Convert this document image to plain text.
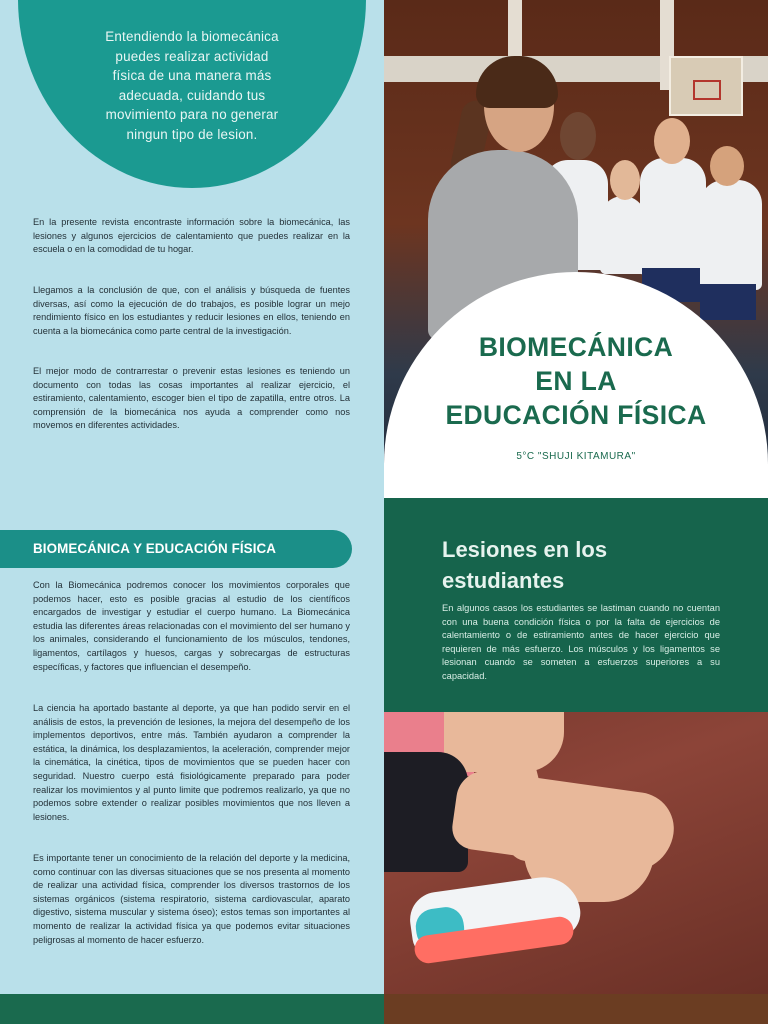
Entendiendo la biomecánica
puedes realizar actividad
física de una manera más
adecuada, cuidando tus
movimiento para no generar
ningun tipo de lesion.

En la presente revista encontraste información sobre la biomecánica, las lesiones y algunos ejercicios de calentamiento que puedes realizar en la escuela o en la comodidad de tu hogar.

Llegamos a la conclusión de que, con el análisis y búsqueda de fuentes diversas, así como la ejecución de do trabajos, es posible lograr un mejo rendimiento físico en los estudiantes y reducir lesiones en ellos, teniendo en cuenta a la biomecánica como parte central de la investigación.

El mejor modo de contrarrestar o prevenir estas lesiones es teniendo un documento con todas las cosas importantes al realizar ejercicio, el estiramiento, calentamiento, escoger bien el tipo de zapatilla, entre otros. La comprensión de la biomecánica nos ayuda a comprender como nos movemos en diferentes actividades.

BIOMECÁNICA Y EDUCACIÓN FÍSICA

Con la Biomecánica podremos conocer los movimientos corporales que podemos hacer, esto es posible gracias al estudio de los científicos encargados de investigar y estudiar el cuerpo humano. La Biomecánica estudia las diferentes áreas relacionadas con el movimiento del ser humano y los animales, considerando el funcionamiento de los músculos, tendones, ligamentos, cartílagos y huesos, cargas y sobrecargas de estructuras específicas, y factores que influencian el desempeño.

La ciencia ha aportado bastante al deporte, ya que han podido servir en el análisis de estos, la prevención de lesiones, la mejora del desempeño de los implementos deportivos, entre más. También ayudaron a comprender la estática, la dinámica, los desplazamientos, la aceleración, comprender mejor la cinemática, la cinética, tipos de movimientos que se pueden hacer con seguridad. Nuestro cuerpo está fisiológicamente preparado para poder realizar los movimientos y al punto limite que podremos realizarlo, ya que no podemos sobre extender o realizar posibles movimientos que nos lleven a lesiones.

Es importante tener un conocimiento de la relación del deporte y la medicina, como continuar con las diversas situaciones que se nos presenta al momento de realizar una actividad física, comprender los diversos trastornos de los sistemas orgánicos (sistema respiratorio, sistema cardiovascular, aparato digestivo, sistema muscular y sistema óseo); estos temas son importantes al momento de realizar la actividad física ya que podemos evitar situaciones peligrosas al momento de hacer esfuerzo.

BIOMECÁNICA
EN LA
EDUCACIÓN FÍSICA
5°C "SHUJI KITAMURA"
Lesiones en los
estudiantes

En algunos casos los estudiantes se lastiman cuando no cuentan con una buena condición física o por la falta de ejercicios de calentamiento o de estiramiento antes de hacer ejercicio que requieren de más esfuerzo. Los músculos y los ligamentos se lesionan cuando se someten a esfuerzos superiores a su capacidad.
